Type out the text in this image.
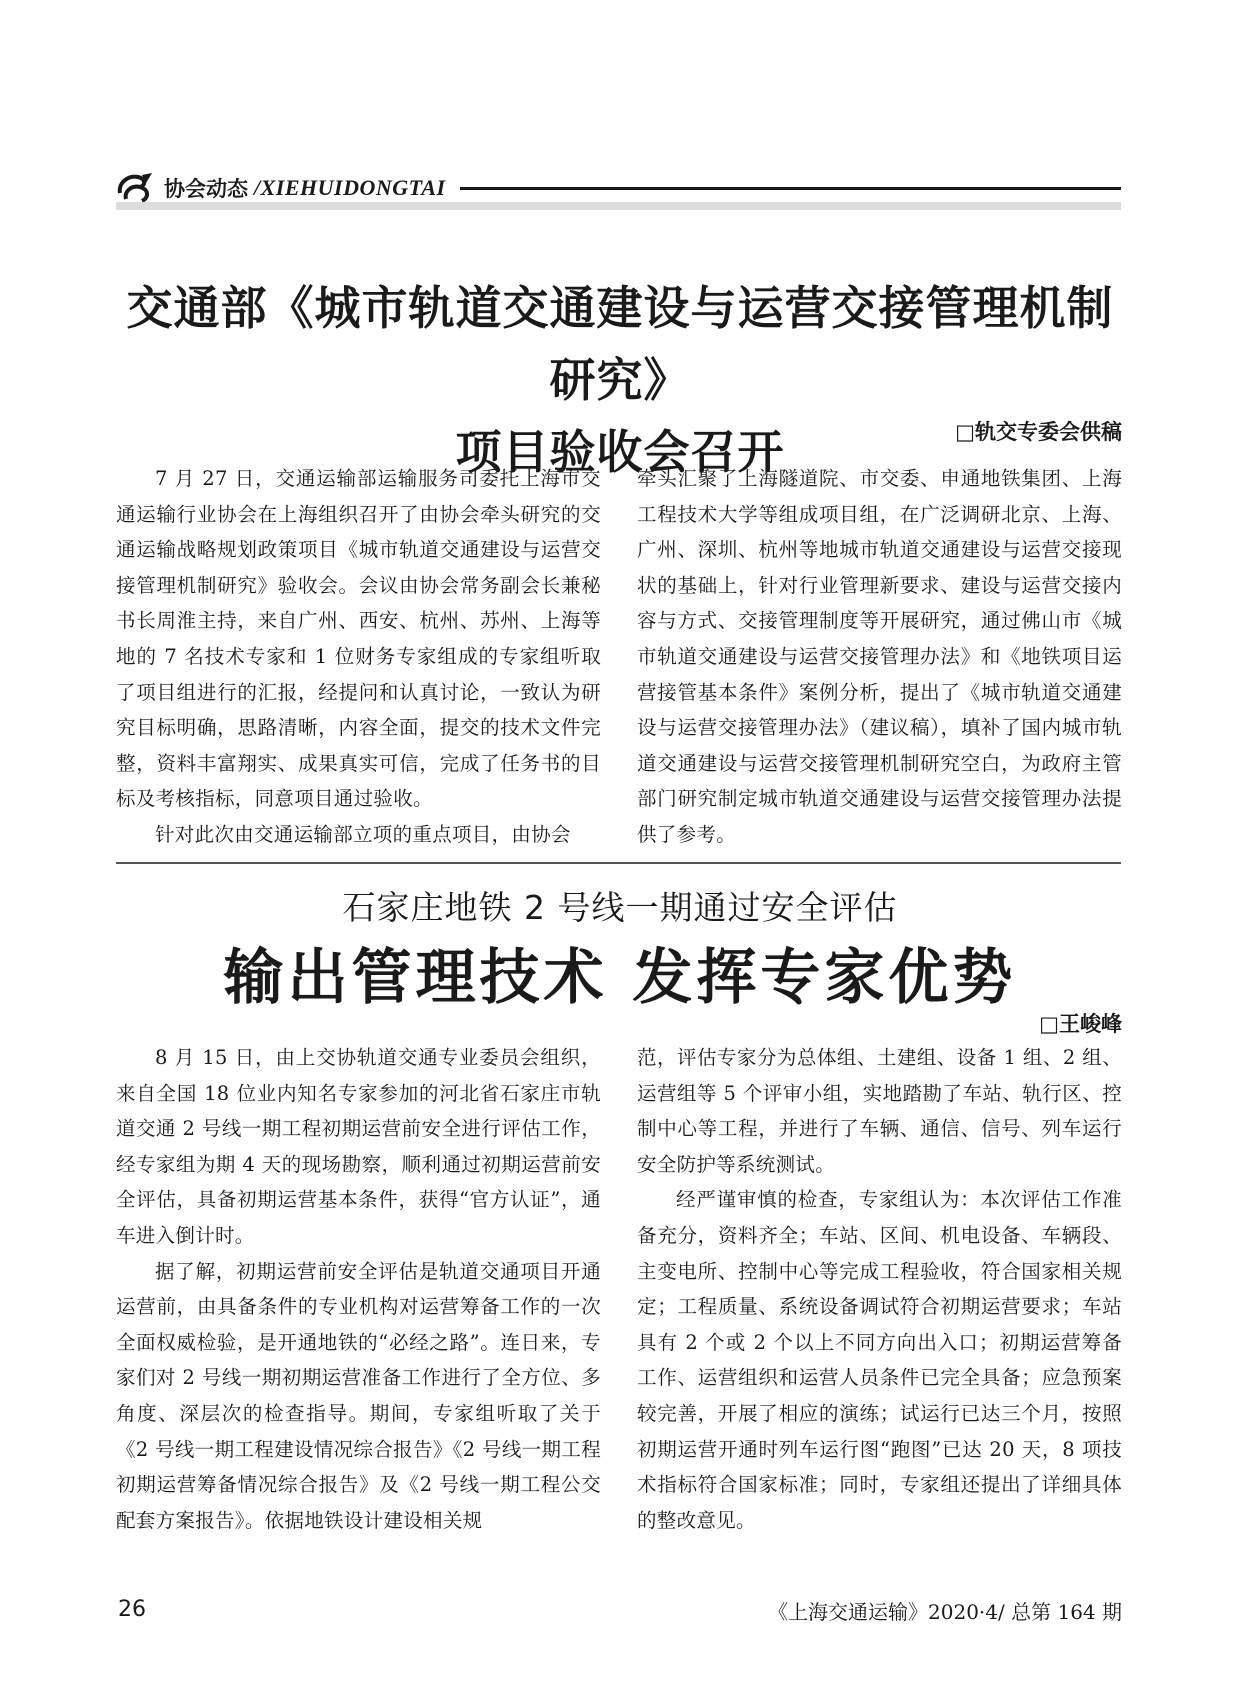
协会动态 /XIEHUIDONGTAI
交通部《城市轨道交通建设与运营交接管理机制研究》
项目验收会召开	□轨交专委会供稿

7 月 27 日，交通运输部运输服务司委托上海市交通运输行业协会在上海组织召开了由协会牵头研究的交通运输战略规划政策项目《城市轨道交通建设与运营交接管理机制研究》验收会。会议由协会常务副会长兼秘书长周淮主持，来自广州、西安、杭州、苏州、上海等地的 7 名技术专家和 1 位财务专家组成的专家组听取了项目组进行的汇报，经提问和认真讨论，一致认为研究目标明确，思路清晰，内容全面，提交的技术文件完整，资料丰富翔实、成果真实可信，完成了任务书的目标及考核指标，同意项目通过验收。

针对此次由交通运输部立项的重点项目，由协会

牵头汇聚了上海隧道院、市交委、申通地铁集团、上海工程技术大学等组成项目组，在广泛调研北京、上海、广州、深圳、杭州等地城市轨道交通建设与运营交接现状的基础上，针对行业管理新要求、建设与运营交接内容与方式、交接管理制度等开展研究，通过佛山市《城市轨道交通建设与运营交接管理办法》和《地铁项目运营接管基本条件》案例分析，提出了《城市轨道交通建设与运营交接管理办法》（建议稿），填补了国内城市轨道交通建设与运营交接管理机制研究空白，为政府主管部门研究制定城市轨道交通建设与运营交接管理办法提供了参考。

石家庄地铁 2 号线一期通过安全评估
输出管理技术 发挥专家优势
□王峻峰

8 月 15 日，由上交协轨道交通专业委员会组织，来自全国 18 位业内知名专家参加的河北省石家庄市轨道交通 2 号线一期工程初期运营前安全进行评估工作，经专家组为期 4 天的现场勘察，顺利通过初期运营前安全评估，具备初期运营基本条件，获得“官方认证”，通车进入倒计时。

据了解，初期运营前安全评估是轨道交通项目开通运营前，由具备条件的专业机构对运营筹备工作的一次全面权威检验，是开通地铁的“必经之路”。连日来，专家们对 2 号线一期初期运营准备工作进行了全方位、多角度、深层次的检查指导。期间，专家组听取了关于《2 号线一期工程建设情况综合报告》《2 号线一期工程初期运营筹备情况综合报告》及《2 号线一期工程公交配套方案报告》。依据地铁设计建设相关规

范，评估专家分为总体组、土建组、设备 1 组、2 组、运营组等 5 个评审小组，实地踏勘了车站、轨行区、控制中心等工程，并进行了车辆、通信、信号、列车运行安全防护等系统测试。

经严谨审慎的检查，专家组认为：本次评估工作准备充分，资料齐全；车站、区间、机电设备、车辆段、主变电所、控制中心等完成工程验收，符合国家相关规定；工程质量、系统设备调试符合初期运营要求；车站具有 2 个或 2 个以上不同方向出入口；初期运营筹备工作、运营组织和运营人员条件已完全具备；应急预案较完善，开展了相应的演练；试运行已达三个月，按照初期运营开通时列车运行图“跑图”已达 20 天，8 项技术指标符合国家标准；同时，专家组还提出了详细具体的整改意见。

26	《上海交通运输》2020·4/ 总第 164 期
